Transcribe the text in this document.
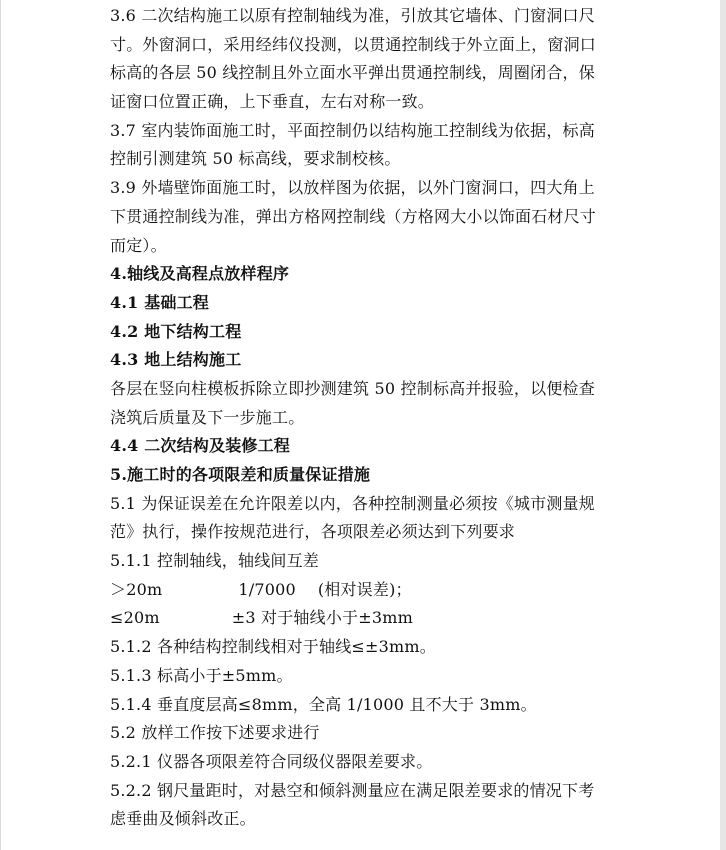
3.6 二次结构施工以原有控制轴线为准，引放其它墙体、门窗洞口尺
寸。外窗洞口，采用经纬仪投测，以贯通控制线于外立面上，窗洞口
标高的各层 50 线控制且外立面水平弹出贯通控制线，周圈闭合，保
证窗口位置正确，上下垂直，左右对称一致。
3.7 室内装饰面施工时，平面控制仍以结构施工控制线为依据，标高
控制引测建筑 50 标高线，要求制校核。
3.9 外墙壁饰面施工时，以放样图为依据，以外门窗洞口，四大角上
下贯通控制线为准，弹出方格网控制线（方格网大小以饰面石材尺寸
而定）。
4.轴线及高程点放样程序
4.1 基础工程
4.2 地下结构工程
4.3 地上结构施工
各层在竖向柱模板拆除立即抄测建筑 50 控制标高并报验，以便检查
浇筑后质量及下一步施工。
4.4 二次结构及装修工程
5.施工时的各项限差和质量保证措施
5.1 为保证误差在允许限差以内，各种控制测量必须按《城市测量规
范》执行，操作按规范进行，各项限差必须达到下列要求
5.1.1 控制轴线，轴线间互差
＞20m	1/7000 (相对误差)；
≤20m	±3 对于轴线小于±3mm
5.1.2 各种结构控制线相对于轴线≤±3mm。
5.1.3 标高小于±5mm。
5.1.4 垂直度层高≤8mm，全高 1/1000 且不大于 3mm。
5.2 放样工作按下述要求进行
5.2.1 仪器各项限差符合同级仪器限差要求。
5.2.2 钢尺量距时，对悬空和倾斜测量应在满足限差要求的情况下考
虑垂曲及倾斜改正。
